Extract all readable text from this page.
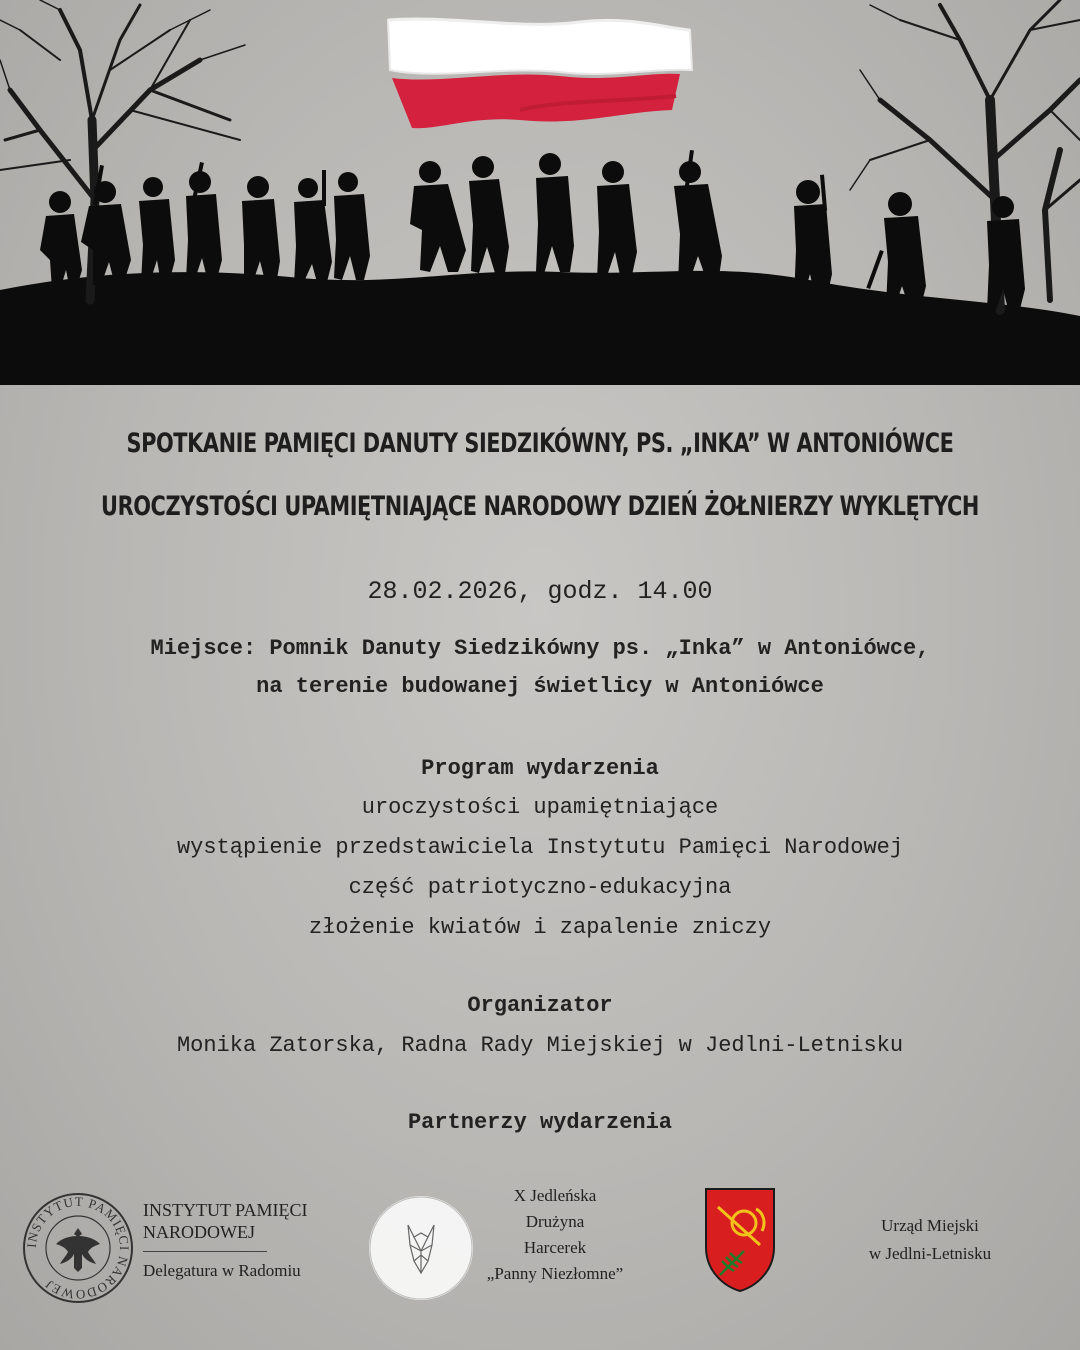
SPOTKANIE PAMIĘCI DANUTY SIEDZIKÓWNY, PS. „INKA” W ANTONIÓWCE
UROCZYSTOŚCI UPAMIĘTNIAJĄCE NARODOWY DZIEŃ ŻOŁNIERZY WYKLĘTYCH
28.02.2026, godz. 14.00
Miejsce: Pomnik Danuty Siedzikówny ps. „Inka” w Antoniówce,
na terenie budowanej świetlicy w Antoniówce
Program wydarzenia
uroczystości upamiętniające
wystąpienie przedstawiciela Instytutu Pamięci Narodowej
część patriotyczno-edukacyjna
złożenie kwiatów i zapalenie zniczy
Organizator
Monika Zatorska, Radna Rady Miejskiej w Jedlni-Letnisku
Partnerzy wydarzenia
INSTYTUT PAMIĘCI NARODOWEJ
INSTYTUT PAMIĘCI
NARODOWEJ
Delegatura w Radomiu
X Jedleńska
Drużyna
Harcerek
„Panny Niezłomne”
Urząd Miejski
w Jedlni-Letnisku
